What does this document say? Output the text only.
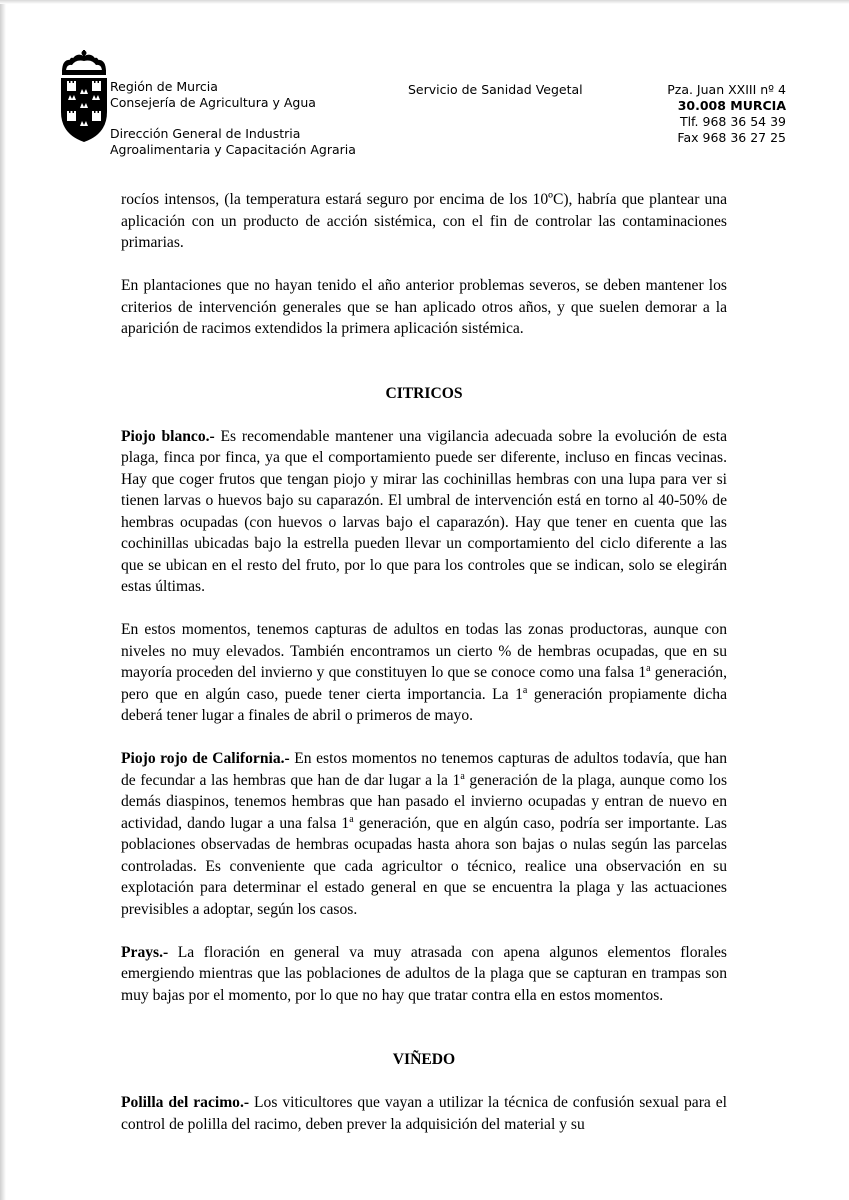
Región de Murcia
Consejería de Agricultura y Agua
Dirección General de Industria
Agroalimentaria y Capacitación Agraria
Servicio de Sanidad Vegetal	Pza. Juan XXIII nº 4
30.008 MURCIA
Tlf. 968 36 54 39
Fax 968 36 27 25

rocíos intensos, (la temperatura estará seguro por encima de los 10ºC), habría que plantear una aplicación con un producto de acción sistémica, con el fin de controlar las contaminaciones primarias.

En plantaciones que no hayan tenido el año anterior problemas severos, se deben mantener los criterios de intervención generales que se han aplicado otros años, y que suelen demorar a la aparición de racimos extendidos la primera aplicación sistémica.

CITRICOS

Piojo blanco.- Es recomendable mantener una vigilancia adecuada sobre la evolución de esta plaga, finca por finca, ya que el comportamiento puede ser diferente, incluso en fincas vecinas. Hay que coger frutos que tengan piojo y mirar las cochinillas hembras con una lupa para ver si tienen larvas o huevos bajo su caparazón. El umbral de intervención está en torno al 40-50% de hembras ocupadas (con huevos o larvas bajo el caparazón). Hay que tener en cuenta que las cochinillas ubicadas bajo la estrella pueden llevar un comportamiento del ciclo diferente a las que se ubican en el resto del fruto, por lo que para los controles que se indican, solo se elegirán estas últimas.

En estos momentos, tenemos capturas de adultos en todas las zonas productoras, aunque con niveles no muy elevados. También encontramos un cierto % de hembras ocupadas, que en su mayoría proceden del invierno y que constituyen lo que se conoce como una falsa 1$^a$ generación, pero que en algún caso, puede tener cierta importancia. La 1$^a$ generación propiamente dicha deberá tener lugar a finales de abril o primeros de mayo.

Piojo rojo de California.- En estos momentos no tenemos capturas de adultos todavía, que han de fecundar a las hembras que han de dar lugar a la 1$^a$ generación de la plaga, aunque como los demás diaspinos, tenemos hembras que han pasado el invierno ocupadas y entran de nuevo en actividad, dando lugar a una falsa 1$^a$ generación, que en algún caso, podría ser importante. Las poblaciones observadas de hembras ocupadas hasta ahora son bajas o nulas según las parcelas controladas. Es conveniente que cada agricultor o técnico, realice una observación en su explotación para determinar el estado general en que se encuentra la plaga y las actuaciones previsibles a adoptar, según los casos.

Prays.- La floración en general va muy atrasada con apena algunos elementos florales emergiendo mientras que las poblaciones de adultos de la plaga que se capturan en trampas son muy bajas por el momento, por lo que no hay que tratar contra ella en estos momentos.

VIÑEDO

Polilla del racimo.- Los viticultores que vayan a utilizar la técnica de confusión sexual para el control de polilla del racimo, deben prever la adquisición del material y su
